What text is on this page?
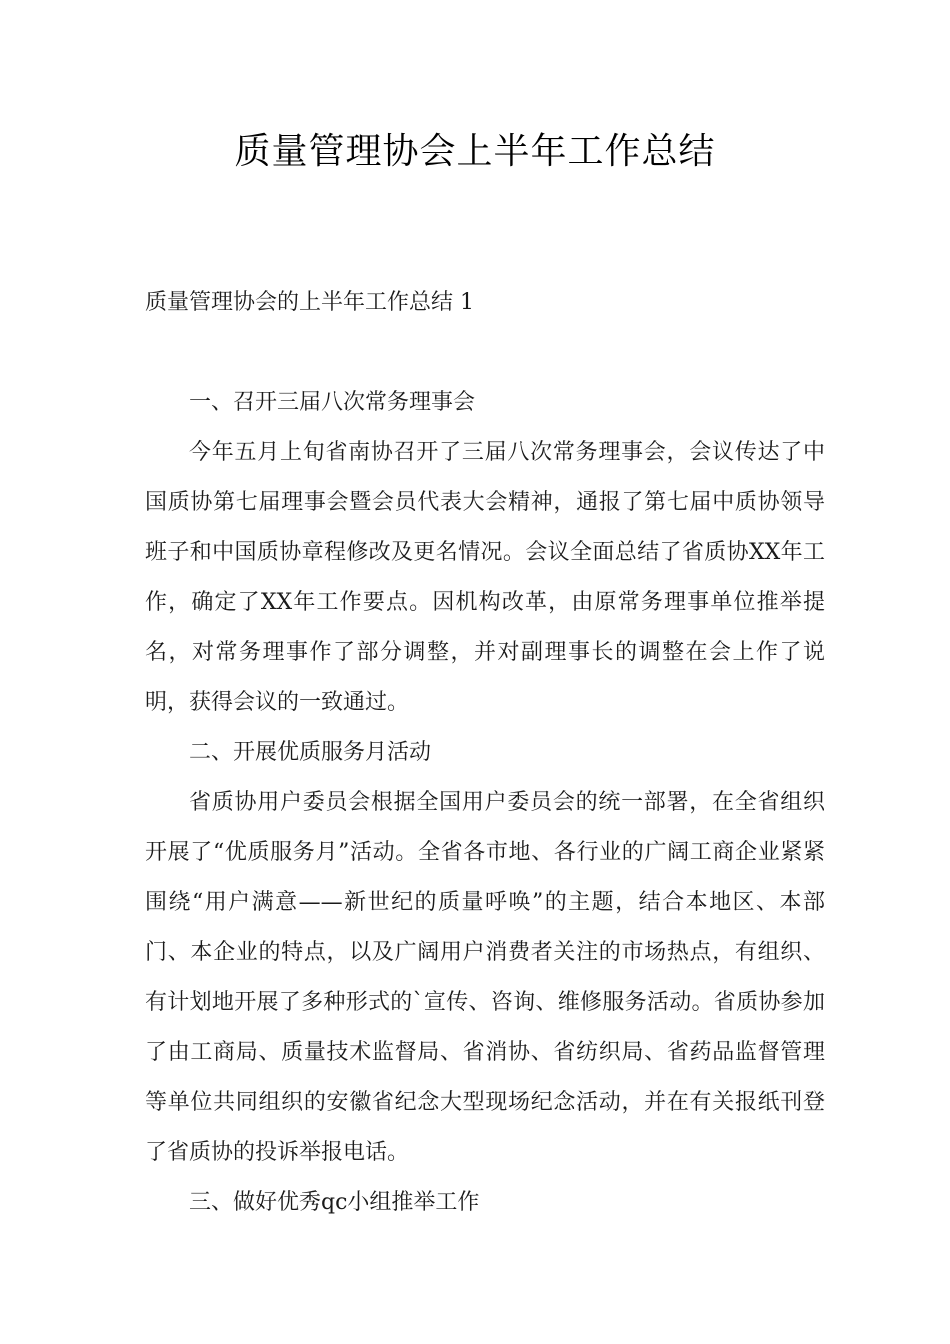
质量管理协会上半年工作总结
质量管理协会的上半年工作总结 1

一、召开三届八次常务理事会

今年五月上旬省南协召开了三届八次常务理事会，会议传达了中国质协第七届理事会暨会员代表大会精神，通报了第七届中质协领导班子和中国质协章程修改及更名情况。会议全面总结了省质协XX年工作，确定了XX年工作要点。因机构改革，由原常务理事单位推举提名，对常务理事作了部分调整，并对副理事长的调整在会上作了说明，获得会议的一致通过。

二、开展优质服务月活动

省质协用户委员会根据全国用户委员会的统一部署，在全省组织开展了“优质服务月”活动。全省各市地、各行业的广阔工商企业紧紧围绕“用户满意——新世纪的质量呼唤”的主题，结合本地区、本部门、本企业的特点，以及广阔用户消费者关注的市场热点，有组织、有计划地开展了多种形式的`宣传、咨询、维修服务活动。省质协参加了由工商局、质量技术监督局、省消协、省纺织局、省药品监督管理等单位共同组织的安徽省纪念大型现场纪念活动，并在有关报纸刊登了省质协的投诉举报电话。

三、做好优秀qc小组推举工作
